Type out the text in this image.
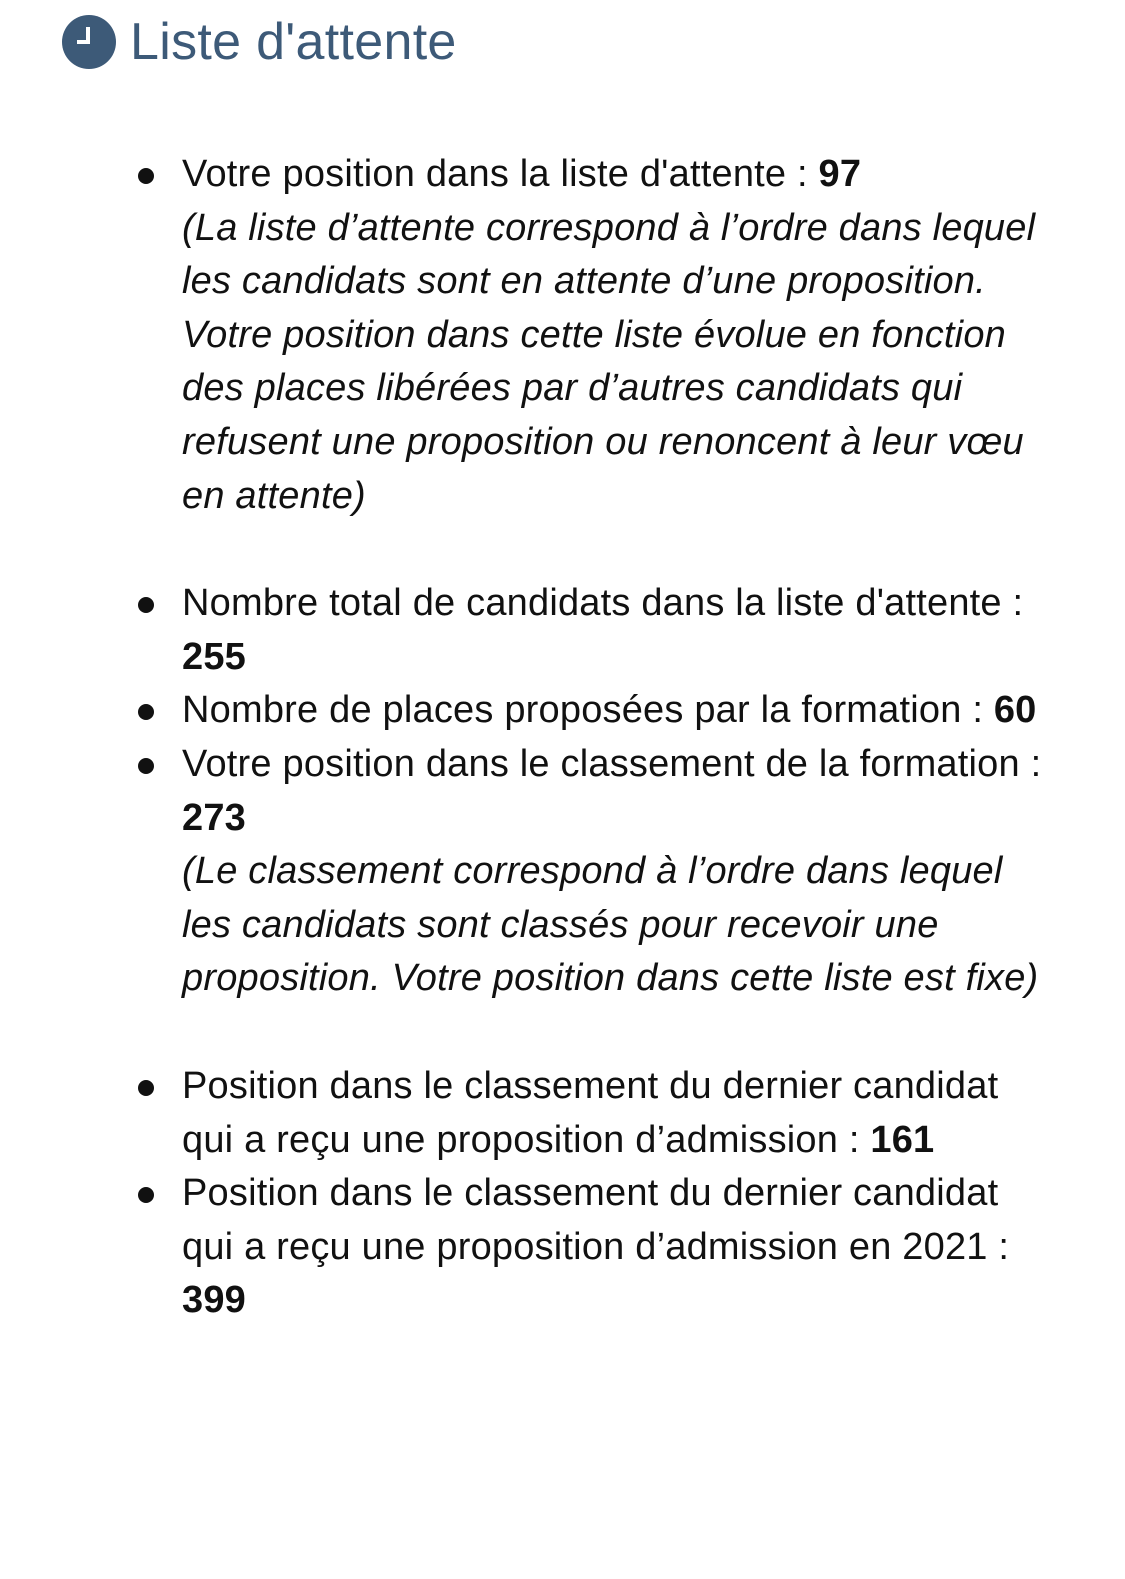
Liste d'attente
Votre position dans la liste d'attente : 97
(La liste d’attente correspond à l’ordre dans lequel les candidats sont en attente d’une proposition. Votre position dans cette liste évolue en fonction des places libérées par d’autres candidats qui refusent une proposition ou renoncent à leur vœu en attente)
Nombre total de candidats dans la liste d'attente : 255
Nombre de places proposées par la formation : 60
Votre position dans le classement de la formation : 273
(Le classement correspond à l’ordre dans lequel les candidats sont classés pour recevoir une proposition. Votre position dans cette liste est fixe)
Position dans le classement du dernier candidat qui a reçu une proposition d’admission : 161
Position dans le classement du dernier candidat qui a reçu une proposition d’admission en 2021 : 399
